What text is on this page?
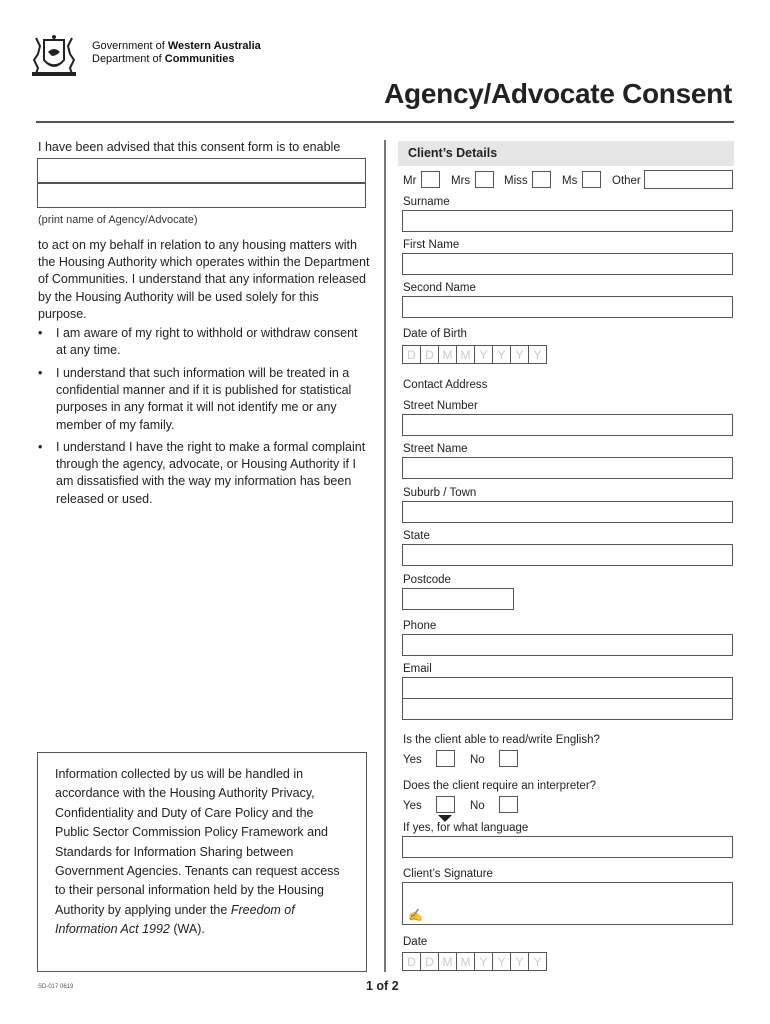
Government of Western Australia
Department of Communities
Agency/Advocate Consent
I have been advised that this consent form is to enable
(print name of Agency/Advocate)
to act on my behalf in relation to any housing matters with the Housing Authority which operates within the Department of Communities. I understand that any information released by the Housing Authority will be used solely for this purpose.
• I am aware of my right to withhold or withdraw consent at any time.
• I understand that such information will be treated in a confidential manner and if it is published for statistical purposes in any format it will not identify me or any member of my family.
• I understand I have the right to make a formal complaint through the agency, advocate, or Housing Authority if I am dissatisfied with the way my information has been released or used.
Information collected by us will be handled in accordance with the Housing Authority Privacy, Confidentiality and Duty of Care Policy and the Public Sector Commission Policy Framework and Standards for Information Sharing between Government Agencies. Tenants can request access to their personal information held by the Housing Authority by applying under the Freedom of Information Act 1992 (WA).
SD-017 0619	1 of 2
Client’s Details
Mr	Mrs	Miss	Ms	Other
Surname
First Name
Second Name
Date of Birth
D D M M Y Y Y Y
Contact Address
Street Number
Street Name
Suburb / Town
State
Postcode
Phone
Email
Is the client able to read/write English?
Yes	No
Does the client require an interpreter?
Yes	No
If yes, for what language
Client’s Signature
✍
Date
D D M M Y Y Y Y
